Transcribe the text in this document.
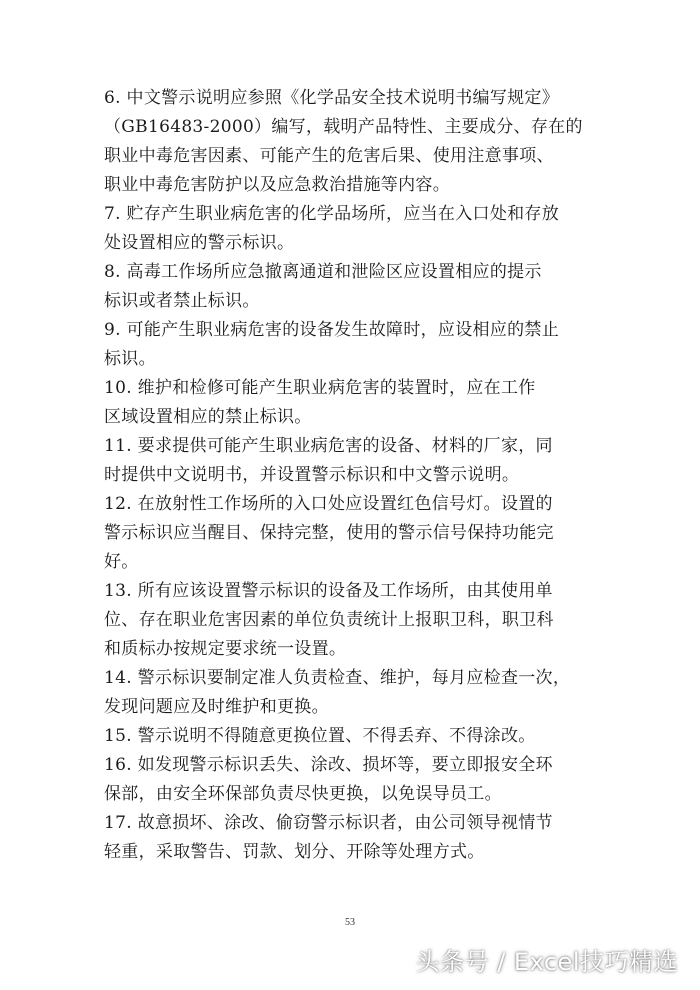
6. 中文警示说明应参照《化学品安全技术说明书编写规定》
（GB16483-2000）编写，载明产品特性、主要成分、存在的
职业中毒危害因素、可能产生的危害后果、使用注意事项、
职业中毒危害防护以及应急救治措施等内容。

7. 贮存产生职业病危害的化学品场所，应当在入口处和存放
处设置相应的警示标识。

8. 高毒工作场所应急撤离通道和泄险区应设置相应的提示
标识或者禁止标识。

9. 可能产生职业病危害的设备发生故障时，应设相应的禁止
标识。

10. 维护和检修可能产生职业病危害的装置时，应在工作
区域设置相应的禁止标识。

11. 要求提供可能产生职业病危害的设备、材料的厂家，同
时提供中文说明书，并设置警示标识和中文警示说明。

12. 在放射性工作场所的入口处应设置红色信号灯。设置的
警示标识应当醒目、保持完整，使用的警示信号保持功能完
好。

13. 所有应该设置警示标识的设备及工作场所，由其使用单
位、存在职业危害因素的单位负责统计上报职卫科，职卫科
和质标办按规定要求统一设置。

14. 警示标识要制定准人负责检查、维护，每月应检查一次，
发现问题应及时维护和更换。

15. 警示说明不得随意更换位置、不得丢弃、不得涂改。

16. 如发现警示标识丢失、涂改、损坏等，要立即报安全环
保部，由安全环保部负责尽快更换，以免误导员工。

17. 故意损坏、涂改、偷窃警示标识者，由公司领导视情节
轻重，采取警告、罚款、划分、开除等处理方式。

53
头条号 / Excel技巧精选
